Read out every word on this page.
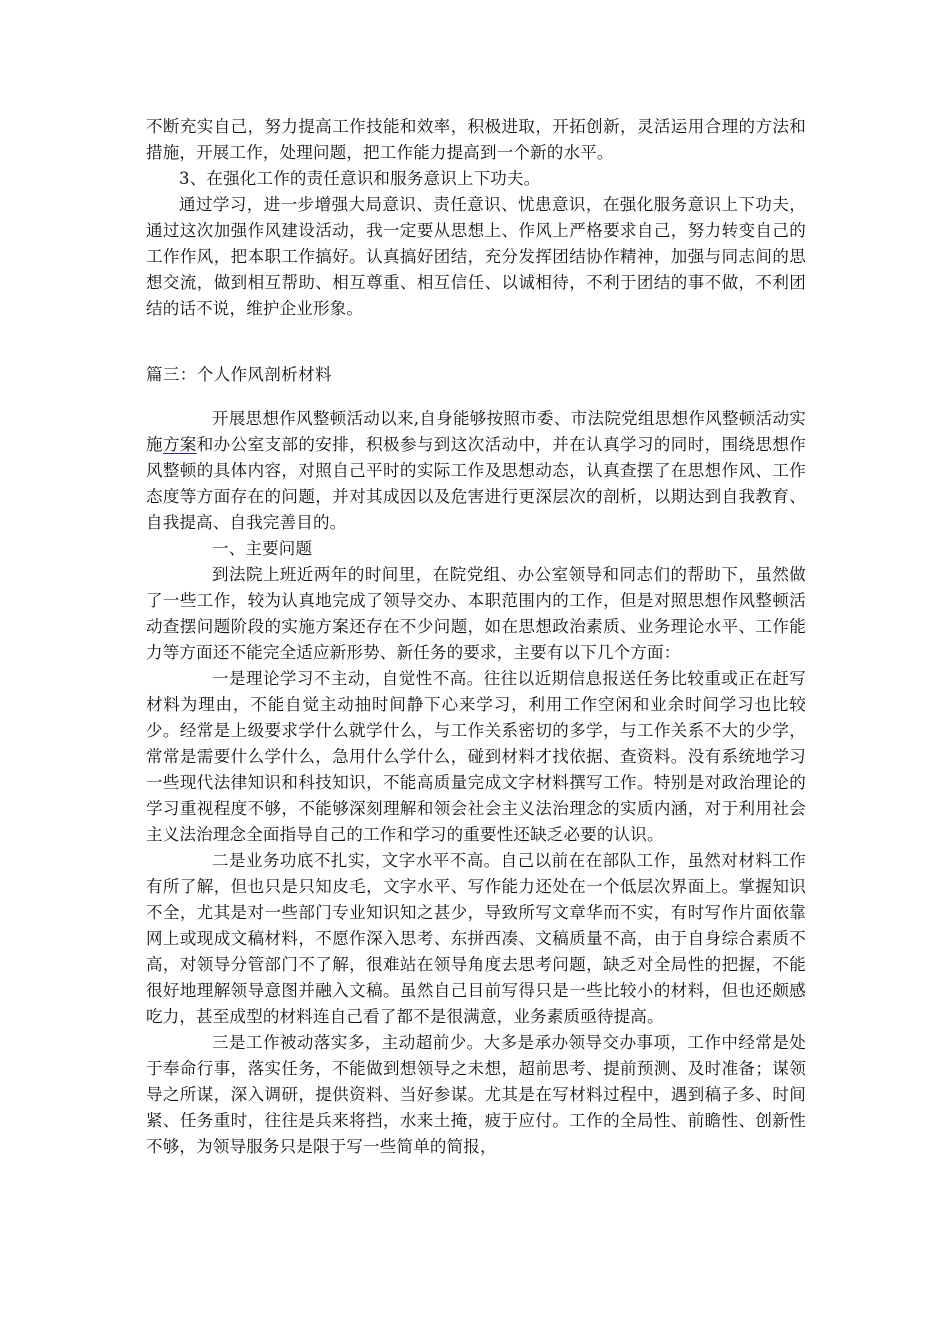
不断充实自己，努力提高工作技能和效率，积极进取，开拓创新，灵活运用合理的方法和措施，开展工作，处理问题，把工作能力提高到一个新的水平。

3、在强化工作的责任意识和服务意识上下功夫。

通过学习，进一步增强大局意识、责任意识、忧患意识，在强化服务意识上下功夫，通过这次加强作风建设活动，我一定要从思想上、作风上严格要求自己，努力转变自己的工作作风，把本职工作搞好。认真搞好团结，充分发挥团结协作精神，加强与同志间的思想交流，做到相互帮助、相互尊重、相互信任、以诚相待，不利于团结的事不做，不利团结的话不说，维护企业形象。

篇三：个人作风剖析材料

开展思想作风整顿活动以来,自身能够按照市委、市法院党组思想作风整顿活动实施方案和办公室支部的安排，积极参与到这次活动中，并在认真学习的同时，围绕思想作风整顿的具体内容，对照自己平时的实际工作及思想动态，认真查摆了在思想作风、工作态度等方面存在的问题，并对其成因以及危害进行更深层次的剖析，以期达到自我教育、自我提高、自我完善目的。

一、主要问题

到法院上班近两年的时间里，在院党组、办公室领导和同志们的帮助下，虽然做了一些工作，较为认真地完成了领导交办、本职范围内的工作，但是对照思想作风整顿活动查摆问题阶段的实施方案还存在不少问题，如在思想政治素质、业务理论水平、工作能力等方面还不能完全适应新形势、新任务的要求，主要有以下几个方面：

一是理论学习不主动，自觉性不高。往往以近期信息报送任务比较重或正在赶写材料为理由，不能自觉主动抽时间静下心来学习，利用工作空闲和业余时间学习也比较少。经常是上级要求学什么就学什么，与工作关系密切的多学，与工作关系不大的少学，常常是需要什么学什么，急用什么学什么，碰到材料才找依据、查资料。没有系统地学习一些现代法律知识和科技知识，不能高质量完成文字材料撰写工作。特别是对政治理论的学习重视程度不够，不能够深刻理解和领会社会主义法治理念的实质内涵，对于利用社会主义法治理念全面指导自己的工作和学习的重要性还缺乏必要的认识。

二是业务功底不扎实，文字水平不高。自己以前在在部队工作，虽然对材料工作有所了解，但也只是只知皮毛，文字水平、写作能力还处在一个低层次界面上。掌握知识不全，尤其是对一些部门专业知识知之甚少，导致所写文章华而不实，有时写作片面依靠网上或现成文稿材料，不愿作深入思考、东拼西凑、文稿质量不高，由于自身综合素质不高，对领导分管部门不了解，很难站在领导角度去思考问题，缺乏对全局性的把握，不能很好地理解领导意图并融入文稿。虽然自己目前写得只是一些比较小的材料，但也还颇感吃力，甚至成型的材料连自己看了都不是很满意，业务素质亟待提高。

三是工作被动落实多，主动超前少。大多是承办领导交办事项，工作中经常是处于奉命行事，落实任务，不能做到想领导之未想，超前思考、提前预测、及时准备；谋领导之所谋，深入调研，提供资料、当好参谋。尤其是在写材料过程中，遇到稿子多、时间紧、任务重时，往往是兵来将挡，水来土掩，疲于应付。工作的全局性、前瞻性、创新性不够，为领导服务只是限于写一些简单的简报，
